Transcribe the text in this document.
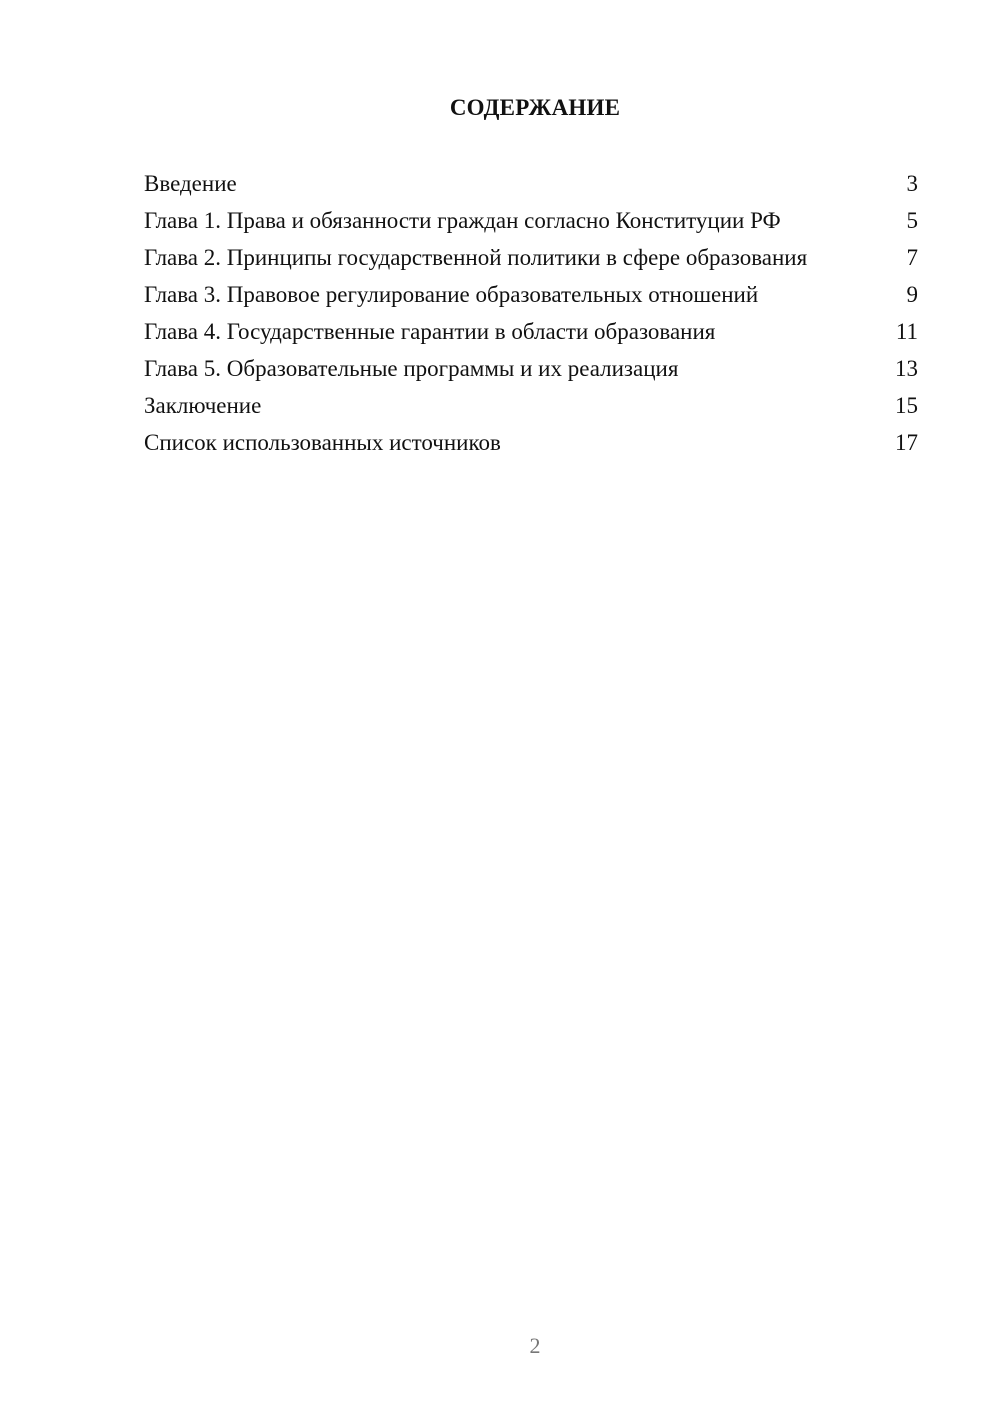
СОДЕРЖАНИЕ
Введение	3
Глава 1. Права и обязанности граждан согласно Конституции РФ	5
Глава 2. Принципы государственной политики в сфере образования	7
Глава 3. Правовое регулирование образовательных отношений	9
Глава 4. Государственные гарантии в области образования	11
Глава 5. Образовательные программы и их реализация	13
Заключение	15
Список использованных источников	17
2
